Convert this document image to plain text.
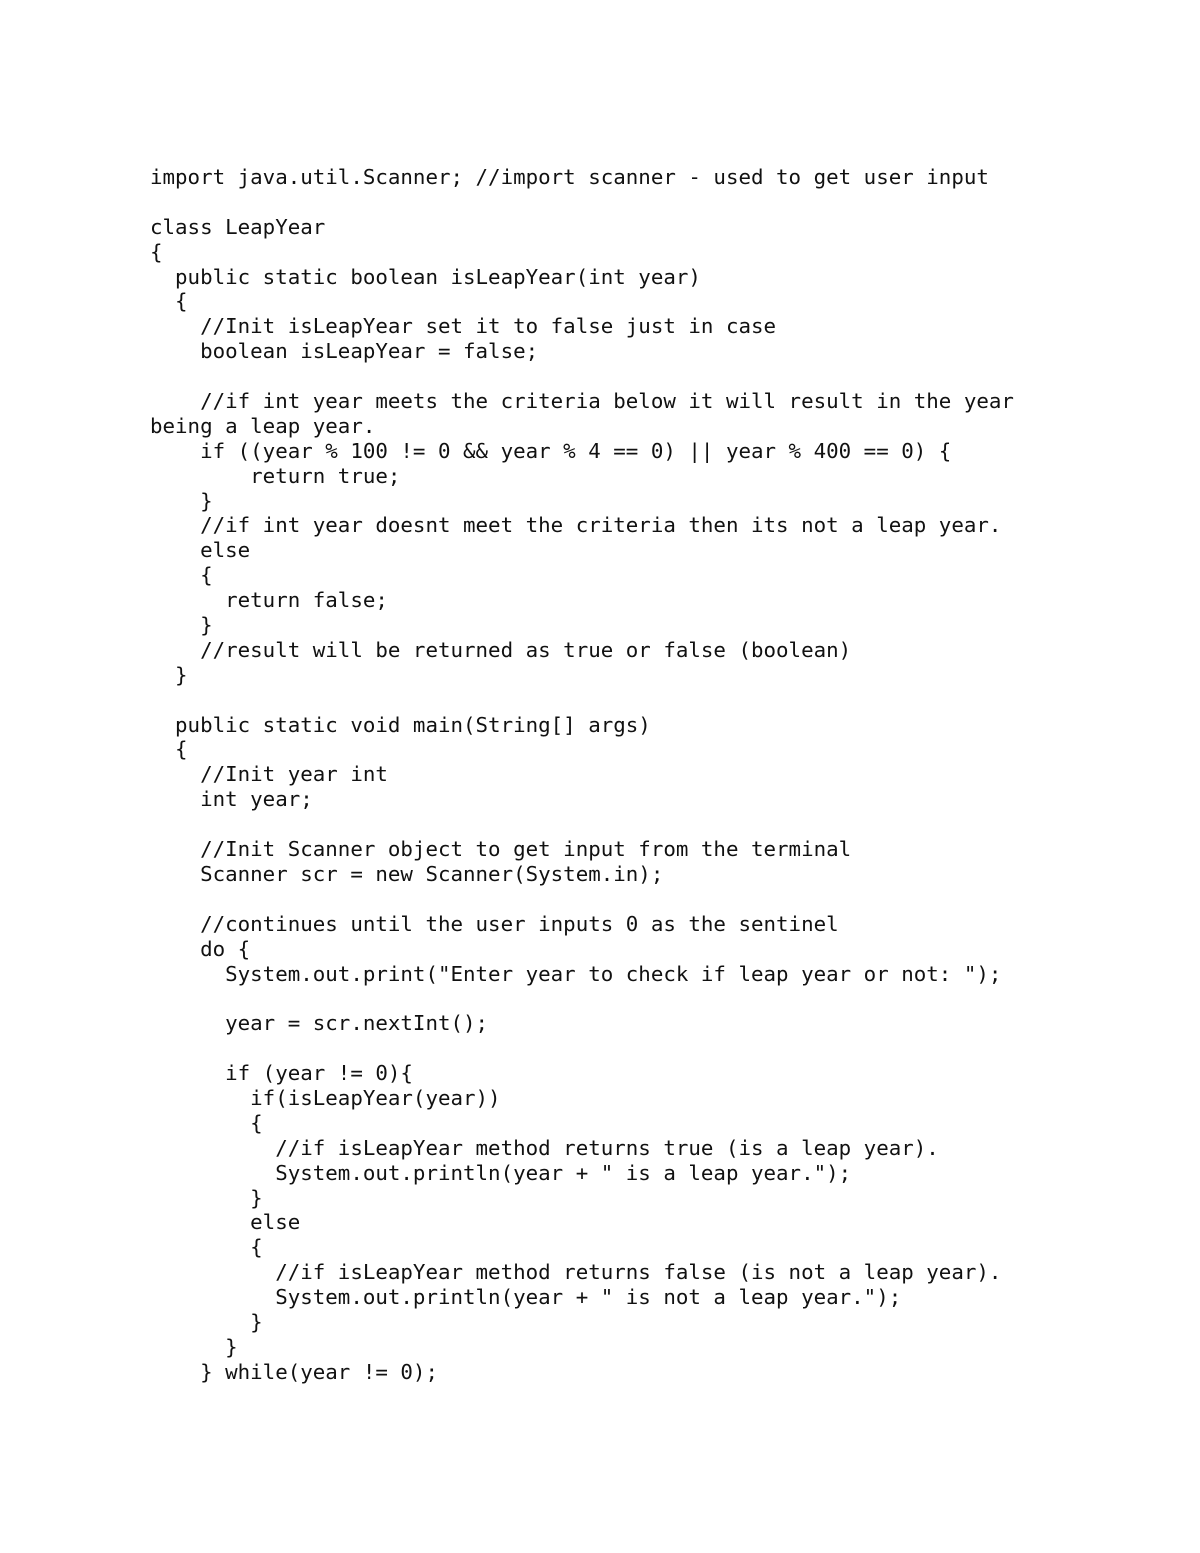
import java.util.Scanner; //import scanner - used to get user input
class LeapYear
{
public static boolean isLeapYear(int year)
{
//Init isLeapYear set it to false just in case
boolean isLeapYear = false;
//if int year meets the criteria below it will result in the year
being a leap year.
if ((year % 100 != 0 && year % 4 == 0) || year % 400 == 0) {
return true;
}
//if int year doesnt meet the criteria then its not a leap year.
else
{
return false;
}
//result will be returned as true or false (boolean)
}
public static void main(String[] args)
{
//Init year int
int year;
//Init Scanner object to get input from the terminal
Scanner scr = new Scanner(System.in);
//continues until the user inputs 0 as the sentinel
do {
System.out.print("Enter year to check if leap year or not: ");
year = scr.nextInt();
if (year != 0){
if(isLeapYear(year))
{
//if isLeapYear method returns true (is a leap year).
System.out.println(year + " is a leap year.");
}
else
{
//if isLeapYear method returns false (is not a leap year).
System.out.println(year + " is not a leap year.");
}
}
} while(year != 0);
